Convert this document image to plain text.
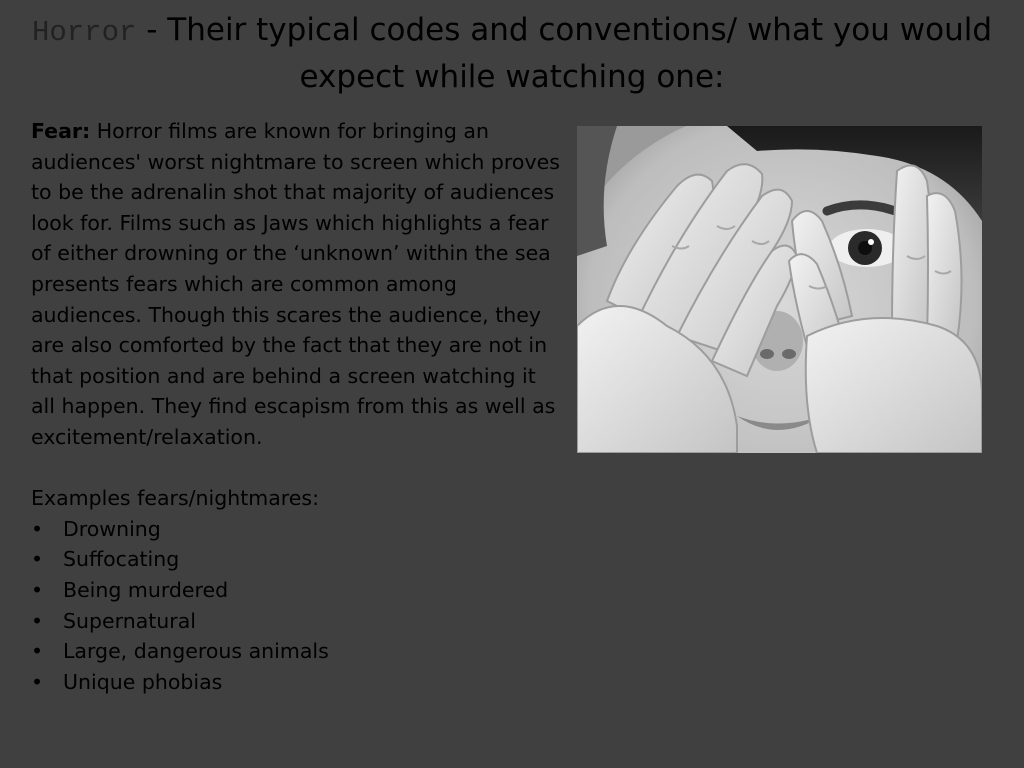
Horror - Their typical codes and conventions/ what you would expect while watching one:

Fear: Horror films are known for bringing an audiences' worst nightmare to screen which proves to be the adrenalin shot that majority of audiences look for. Films such as Jaws which highlights a fear of either drowning or the ‘unknown’ within the sea presents fears which are common among audiences. Though this scares the audience, they are also comforted by the fact that they are not in that position and are behind a screen watching it all happen. They find escapism from this as well as excitement/relaxation.

Examples fears/nightmares:

• Drowning
• Suffocating
• Being murdered
• Supernatural
• Large, dangerous animals
• Unique phobias
